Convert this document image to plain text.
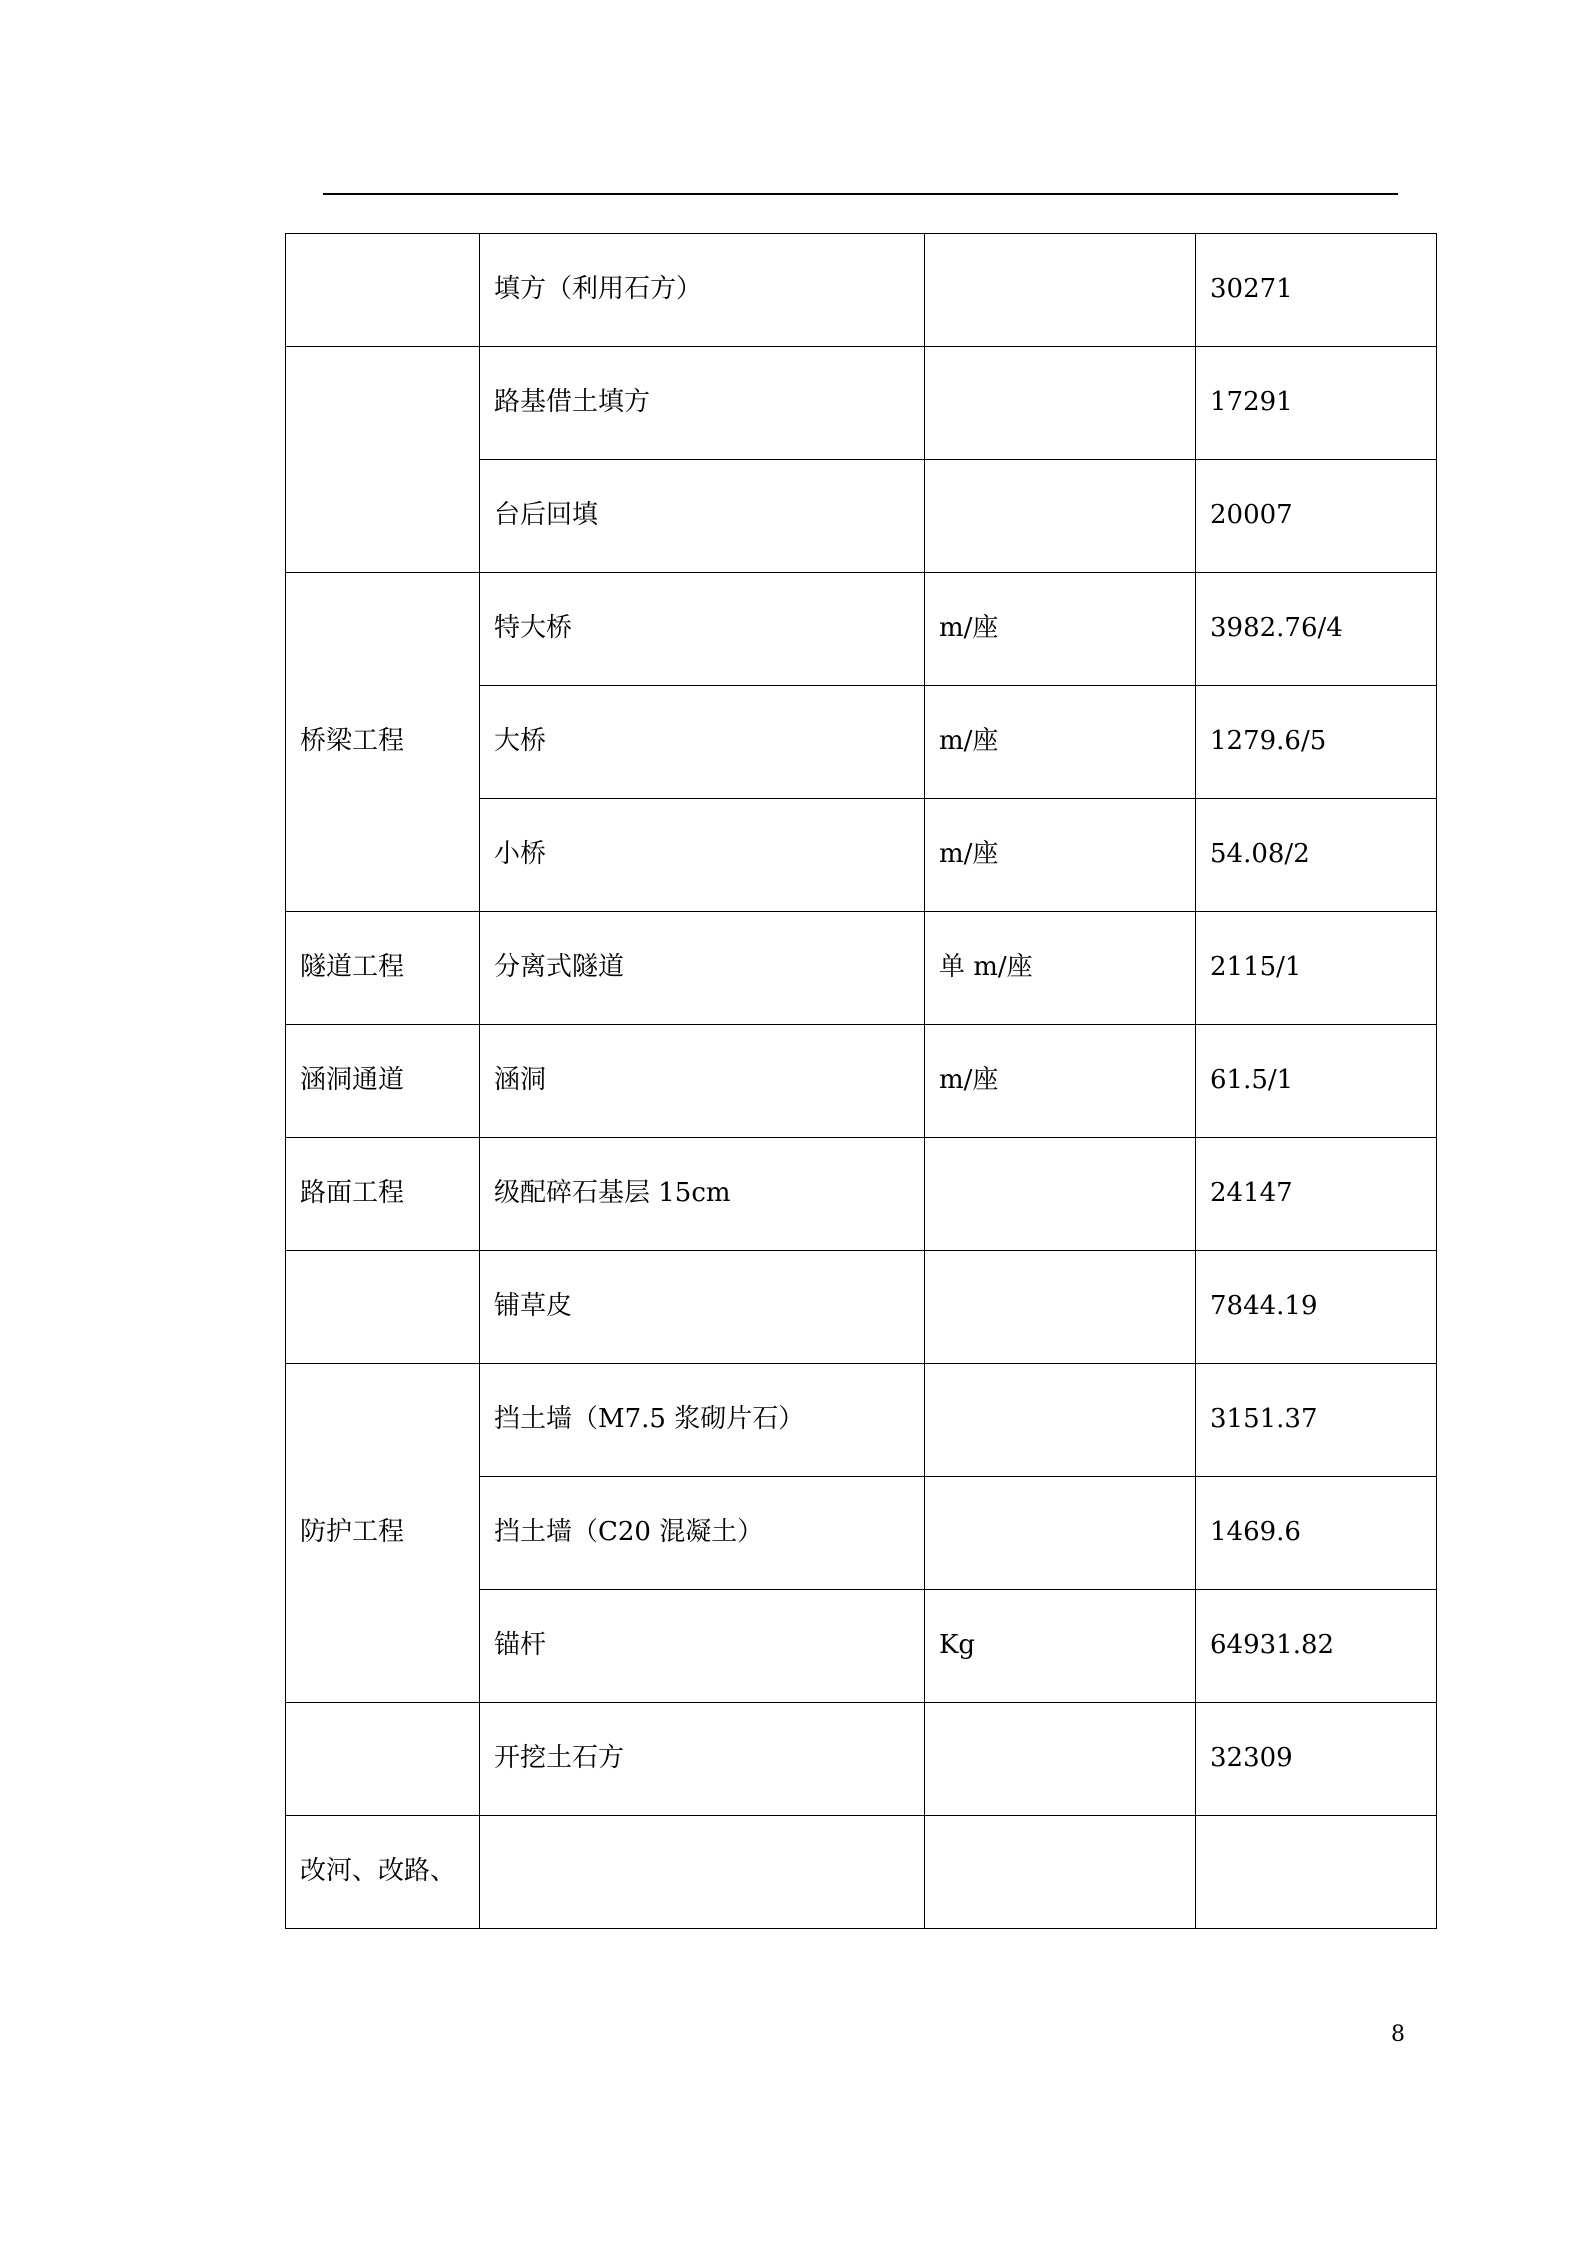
	填方（利用石方）		30271
	路基借土填方		17291
	台后回填		20007
桥梁工程	特大桥	m/座	3982.76/4
	大桥	m/座	1279.6/5
	小桥	m/座	54.08/2
隧道工程	分离式隧道	单 m/座	2115/1
涵洞通道	涵洞	m/座	61.5/1
路面工程	级配碎石基层 15cm		24147
	铺草皮		7844.19
防护工程	挡土墙（M7.5 浆砌片石）		3151.37
	挡土墙（C20 混凝土）		1469.6
	锚杆	Kg	64931.82
	开挖土石方		32309
改河、改路、			
8
